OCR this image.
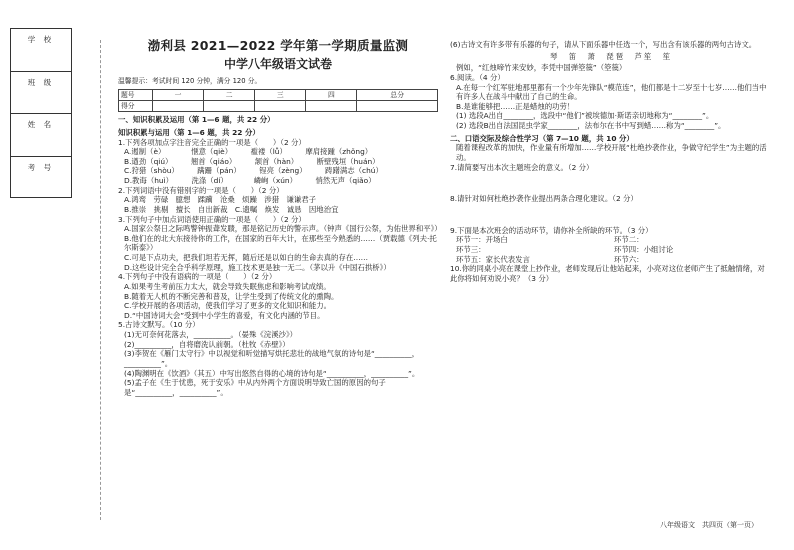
学 校
班 级
姓 名
考 号
渤利县 2021—2022 学年第一学期质量监测
中学八年级语文试卷
温馨提示：考试时间 120 分钟，满分 120 分。
题号	一	二	三	四	总分
得分					
一、知识积累及运用（第 1—6 题，共 22 分）
知识积累与运用（第 1—6 题，共 22 分）
1.下列各项加点字注音完全正确的一项是（　　）（2 分）
A.遏制（è）　　　　惬意（qiè）　　　褴褛（lǚ）　　　摩肩接踵（zhǒng）
B.遒劲（qiú）　　　翘首（qiáo）　　　颔首（hàn）　　　断壁残垣（huán）
C.狩猎（shòu）　　　蹒跚（pán）　　　锃亮（zèng）　　　踌躇满志（chú）
D.教诲（huì）　　　洗涤（dí）　　　　嶙峋（xún）　　　悄然无声（qiǎo）
2.下列词语中没有错别字的一项是（　　）（2 分）
A.鸿鸾　劳碌　臆想　蹂躏　沧桑　烦躁　涉猎　谦谦君子
B.推崇　挑剔　擅长　自出新裁　C.遗嘱　焕发　诚恳　因地治宜
3.下列句子中加点词语使用正确的一项是（　　）（2 分）
A.国家公祭日之际鸣警钟振聋发聩，那是铭记历史的警示声。（钟声《国行公祭，为佑世界和平》）
B.他们在的北大东接待你的工作，在国家的百年大计，在那些至今熟悉的……（贾载德《列夫·托尔斯泰》）
C.可是下点功夫，把我们坦若无挥，随后还是以如白的生命去真的存在……
D.这些设计完全合乎科学原理，施工技术更是独一无二。（茅以升《中国石拱桥》）
4.下列句子中没有语病的一项是（　　）（2 分）
A.如果考生考前压力太大，就会导致失眠焦虑和影响考试成绩。
B.随着无人机的不断完善和普及，让学生受到了传统文化的熏陶。
C.学校开展的各项活动，使我们学习了更多的文化知识和能力。
D.“中国诗词大会”受到中小学生的喜爱，有文化内涵的节目。
5.古诗文默写。（10 分）
(1)无可奈何花落去，__________。（晏殊《浣溪沙》）
(2)__________，自将磨洗认前朝。（杜牧《赤壁》）
(3)李贺在《雁门太守行》中以视觉和听觉描写烘托悲壮的战地气氛的诗句是“__________，__________”。
(4)陶渊明在《饮酒》（其五）中写出悠然自得的心境的诗句是“__________，__________”。
(5)孟子在《生于忧患，死于安乐》中从内外两个方面说明导致亡国的原因的句子是“__________，__________”。
(6)古诗文有许多带有乐器的句子，请从下面乐器中任选一个，写出含有该乐器的两句古诗文。
琴　笛　萧　琵琶　芦笙　笙
例如，“红烛啼竹来安妙，李凭中国弹箜篌”（箜篌）
6.阅读。（4 分）
A.在每一个红军驻地那里都有一个少年先锋队“模范连”，他们都是十二岁至十七岁……他们当中有许多人在战斗中献出了自己的生命。
B.是谁能够把……正是蜡烛的功劳！
(1) 选段A出自________，选段中“他们”被埃德加·斯诺亲切地称为“________”。
(2) 选段B出自法国昆虫学家________，法布尔在书中写到蜡……称为“________”。
二、口语交际及综合性学习（第 7—10 题，共 10 分）
随着课程改革的加快，作业量有所增加……学校开展“杜绝抄袭作业，争做守纪学生”为主题的活动。
7.请简要写出本次主题班会的意义。（2 分）
8.请针对如何杜绝抄袭作业提出两条合理化建议。（2 分）
9.下面是本次班会的活动环节，请你补全所缺的环节。（3 分）
环节一：开场白	环节二：
环节三：	环节四：小组讨论
环节五：家长代表发言	环节六：
10.你的同桌小亮在课堂上抄作业，老师发现后让他站起来，小亮对这位老师产生了抵触情绪，对此你将如何劝说小亮？（3 分）
八年级语文　共四页（第一页）
